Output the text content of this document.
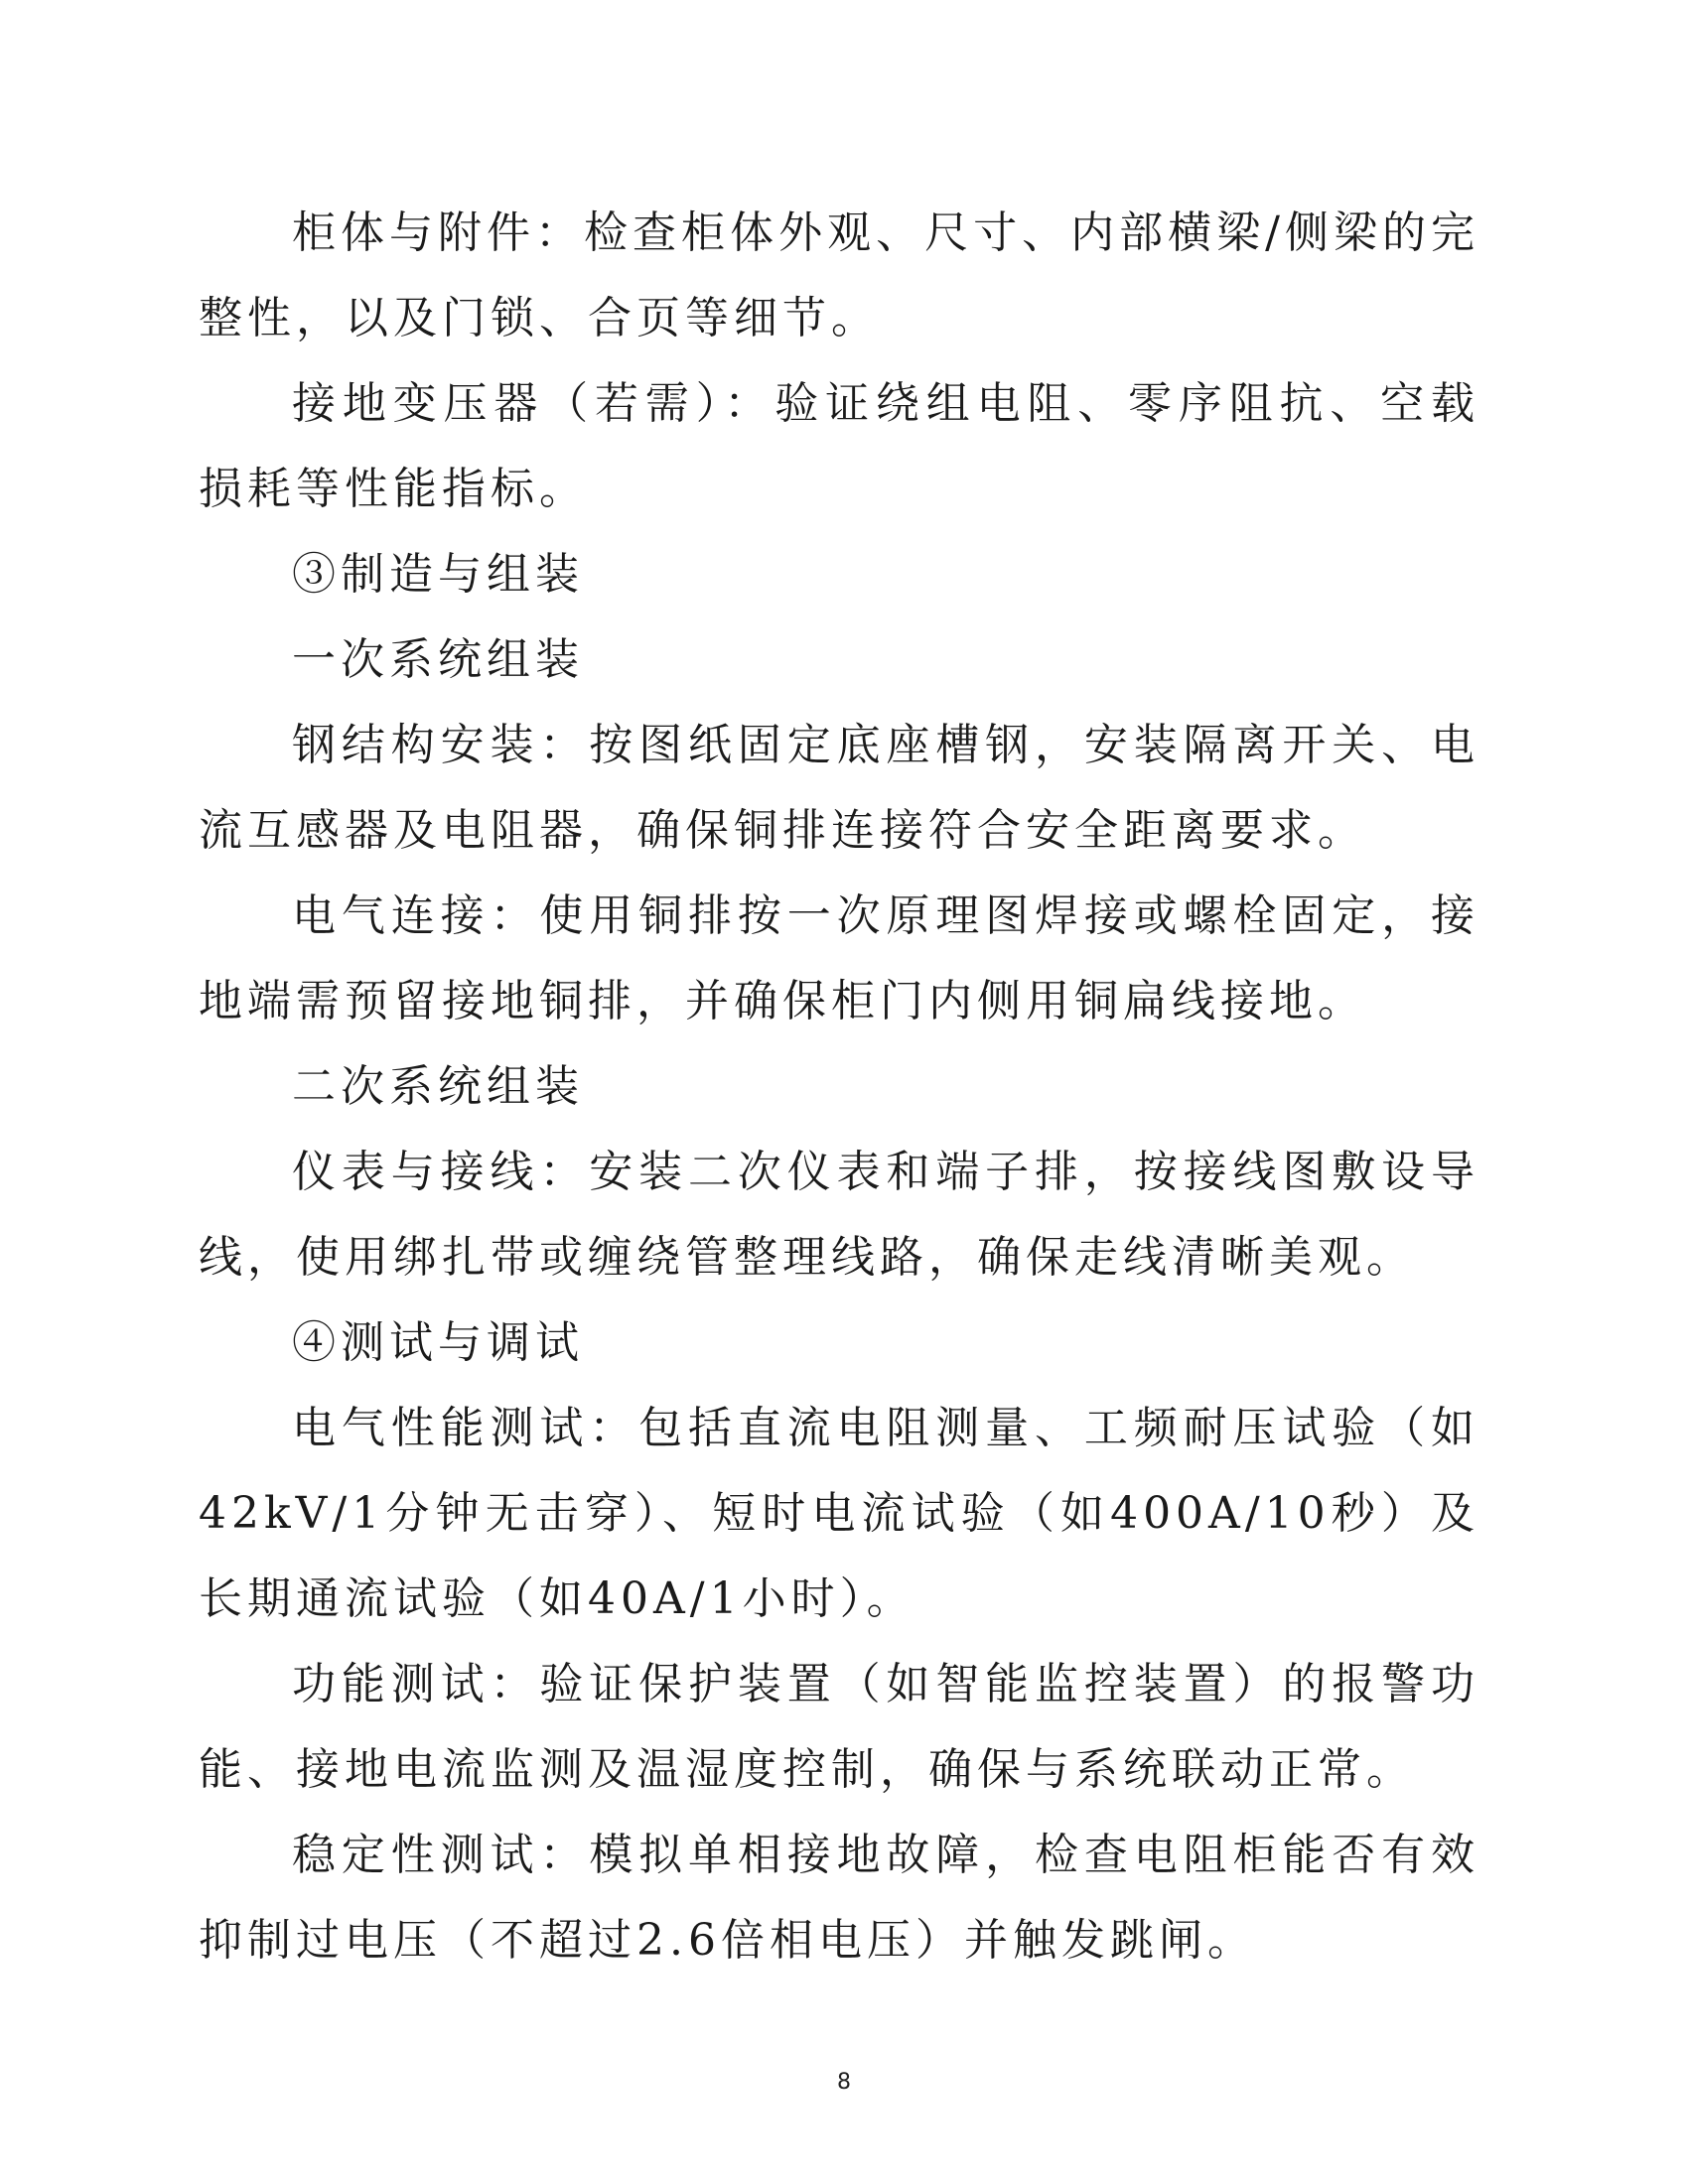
柜体与附件：检查柜体外观、尺寸、内部横梁/侧梁的完整性，以及门锁、合页等细节。

接地变压器（若需）：验证绕组电阻、零序阻抗、空载损耗等性能指标。

③制造与组装

一次系统组装

钢结构安装：按图纸固定底座槽钢，安装隔离开关、电流互感器及电阻器，确保铜排连接符合安全距离要求。

电气连接：使用铜排按一次原理图焊接或螺栓固定，接地端需预留接地铜排，并确保柜门内侧用铜扁线接地。

二次系统组装

仪表与接线：安装二次仪表和端子排，按接线图敷设导线，使用绑扎带或缠绕管整理线路，确保走线清晰美观。

④测试与调试

电气性能测试：包括直流电阻测量、工频耐压试验（如42kV/1分钟无击穿）、短时电流试验（如400A/10秒）及长期通流试验（如40A/1小时）。

功能测试：验证保护装置（如智能监控装置）的报警功能、接地电流监测及温湿度控制，确保与系统联动正常。

稳定性测试：模拟单相接地故障，检查电阻柜能否有效抑制过电压（不超过2.6倍相电压）并触发跳闸。

8
